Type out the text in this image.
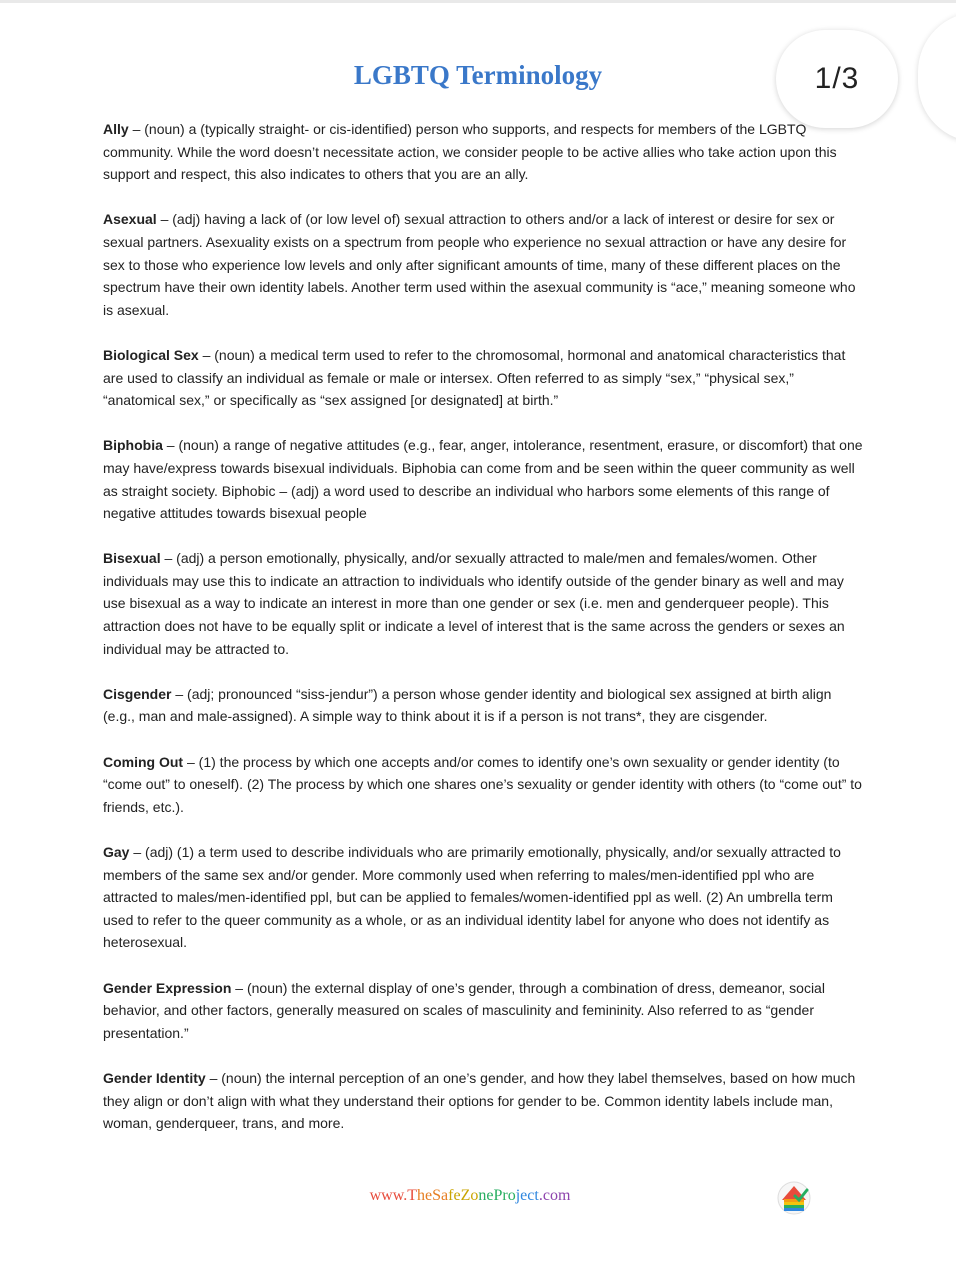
LGBTQ Terminology

Ally – (noun) a (typically straight- or cis-identified) person who supports, and respects for members of the LGBTQ community. While the word doesn’t necessitate action, we consider people to be active allies who take action upon this support and respect, this also indicates to others that you are an ally.

Asexual – (adj) having a lack of (or low level of) sexual attraction to others and/or a lack of interest or desire for sex or sexual partners. Asexuality exists on a spectrum from people who experience no sexual attraction or have any desire for sex to those who experience low levels and only after significant amounts of time, many of these different places on the spectrum have their own identity labels. Another term used within the asexual community is “ace,” meaning someone who is asexual.

Biological Sex – (noun) a medical term used to refer to the chromosomal, hormonal and anatomical characteristics that are used to classify an individual as female or male or intersex. Often referred to as simply “sex,” “physical sex,” “anatomical sex,” or specifically as “sex assigned [or designated] at birth.”

Biphobia – (noun) a range of negative attitudes (e.g., fear, anger, intolerance, resentment, erasure, or discomfort) that one may have/express towards bisexual individuals. Biphobia can come from and be seen within the queer community as well as straight society. Biphobic – (adj) a word used to describe an individual who harbors some elements of this range of negative attitudes towards bisexual people

Bisexual – (adj) a person emotionally, physically, and/or sexually attracted to male/men and females/women. Other individuals may use this to indicate an attraction to individuals who identify outside of the gender binary as well and may use bisexual as a way to indicate an interest in more than one gender or sex (i.e. men and genderqueer people). This attraction does not have to be equally split or indicate a level of interest that is the same across the genders or sexes an individual may be attracted to.

Cisgender – (adj; pronounced “siss-jendur”) a person whose gender identity and biological sex assigned at birth align (e.g., man and male-assigned). A simple way to think about it is if a person is not trans*, they are cisgender.

Coming Out – (1) the process by which one accepts and/or comes to identify one’s own sexuality or gender identity (to “come out” to oneself). (2) The process by which one shares one’s sexuality or gender identity with others (to “come out” to friends, etc.).

Gay – (adj) (1) a term used to describe individuals who are primarily emotionally, physically, and/or sexually attracted to members of the same sex and/or gender. More commonly used when referring to males/men-identified ppl who are attracted to males/men-identified ppl, but can be applied to females/women-identified ppl as well. (2) An umbrella term used to refer to the queer community as a whole, or as an individual identity label for anyone who does not identify as heterosexual.

Gender Expression – (noun) the external display of one’s gender, through a combination of dress, demeanor, social behavior, and other factors, generally measured on scales of masculinity and femininity. Also referred to as “gender presentation.”

Gender Identity – (noun) the internal perception of an one’s gender, and how they label themselves, based on how much they align or don’t align with what they understand their options for gender to be. Common identity labels include man, woman, genderqueer, trans, and more.

1/3
www.TheSafeZoneProject.com
